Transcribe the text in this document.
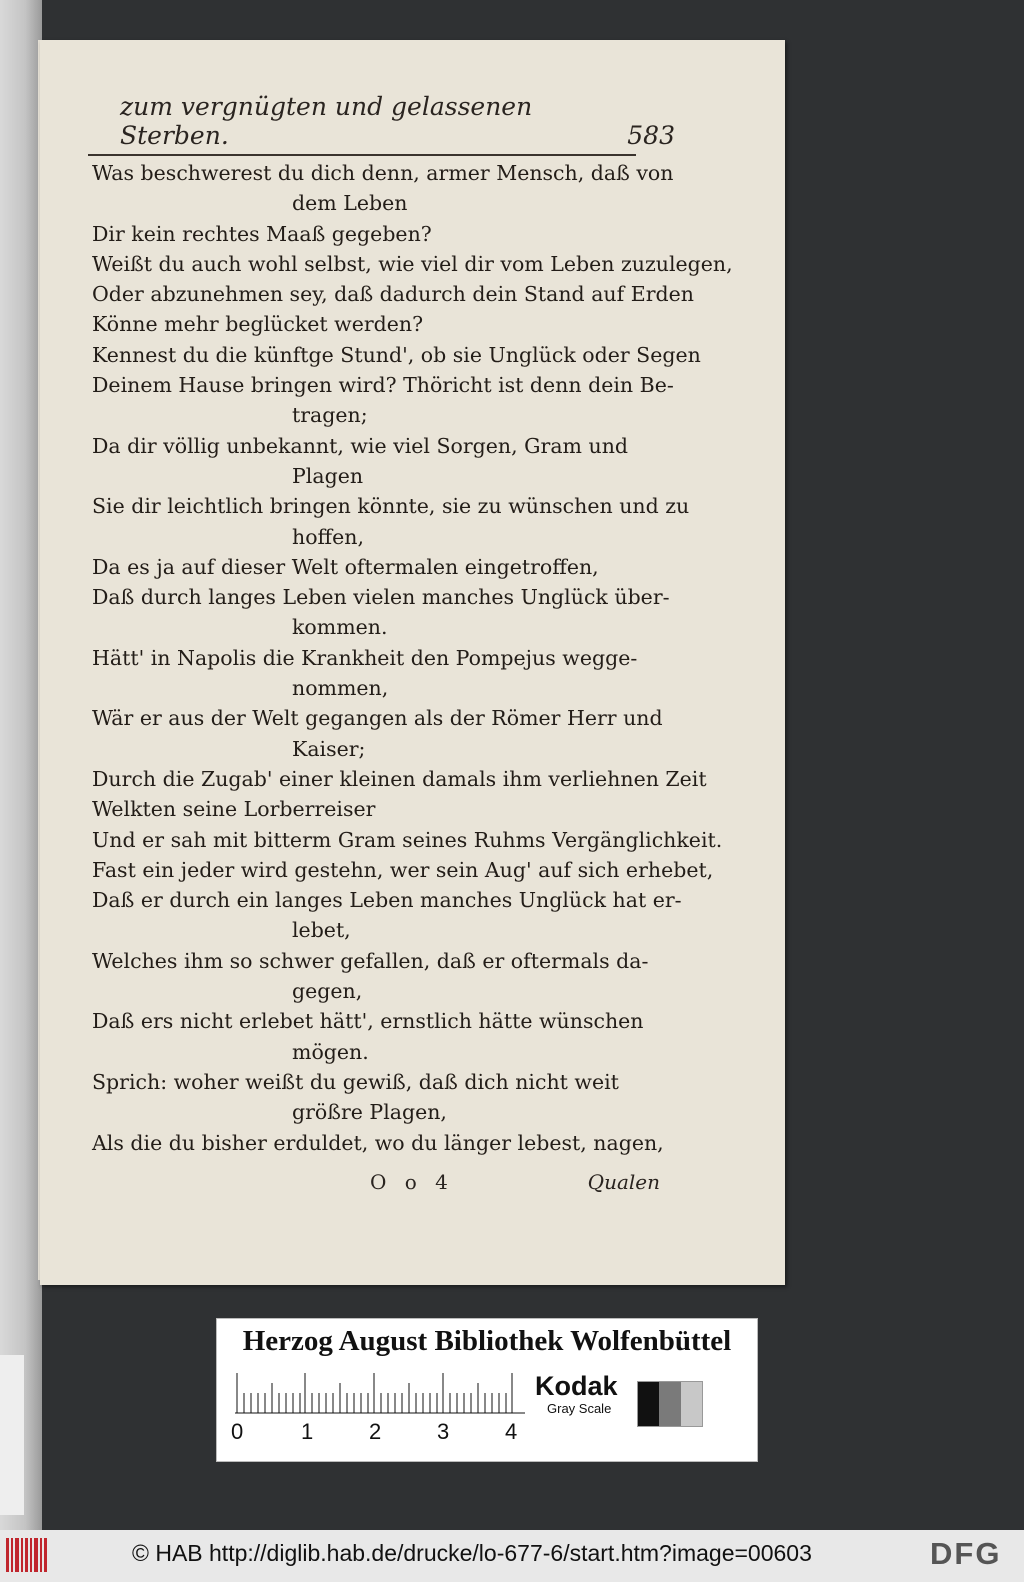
zum vergnügten und gelassenen Sterben.	583
Was beschwerest du dich denn, armer Mensch, daß von
dem Leben
Dir kein rechtes Maaß gegeben?
Weißt du auch wohl selbst, wie viel dir vom Leben zuzulegen,
Oder abzunehmen sey, daß dadurch dein Stand auf Erden
Könne mehr beglücket werden?
Kennest du die künftge Stund', ob sie Unglück oder Segen
Deinem Hause bringen wird? Thöricht ist denn dein Be-
tragen;
Da dir völlig unbekannt, wie viel Sorgen, Gram und
Plagen
Sie dir leichtlich bringen könnte, sie zu wünschen und zu
hoffen,
Da es ja auf dieser Welt oftermalen eingetroffen,
Daß durch langes Leben vielen manches Unglück über-
kommen.
Hätt' in Napolis die Krankheit den Pompejus wegge-
nommen,
Wär er aus der Welt gegangen als der Römer Herr und
Kaiser;
Durch die Zugab' einer kleinen damals ihm verliehnen Zeit
Welkten seine Lorberreiser
Und er sah mit bitterm Gram seines Ruhms Vergänglichkeit.
Fast ein jeder wird gestehn, wer sein Aug' auf sich erhebet,
Daß er durch ein langes Leben manches Unglück hat er-
lebet,
Welches ihm so schwer gefallen, daß er oftermals da-
gegen,
Daß ers nicht erlebet hätt', ernstlich hätte wünschen
mögen.
Sprich: woher weißt du gewiß, daß dich nicht weit
größre Plagen,
Als die du bisher erduldet, wo du länger lebest, nagen,
O o 4	Qualen
Herzog August Bibliothek Wolfenbüttel
0	1	2	3	4
Kodak
Gray Scale
© HAB http://diglib.hab.de/drucke/lo-677-6/start.htm?image=00603	DFG
